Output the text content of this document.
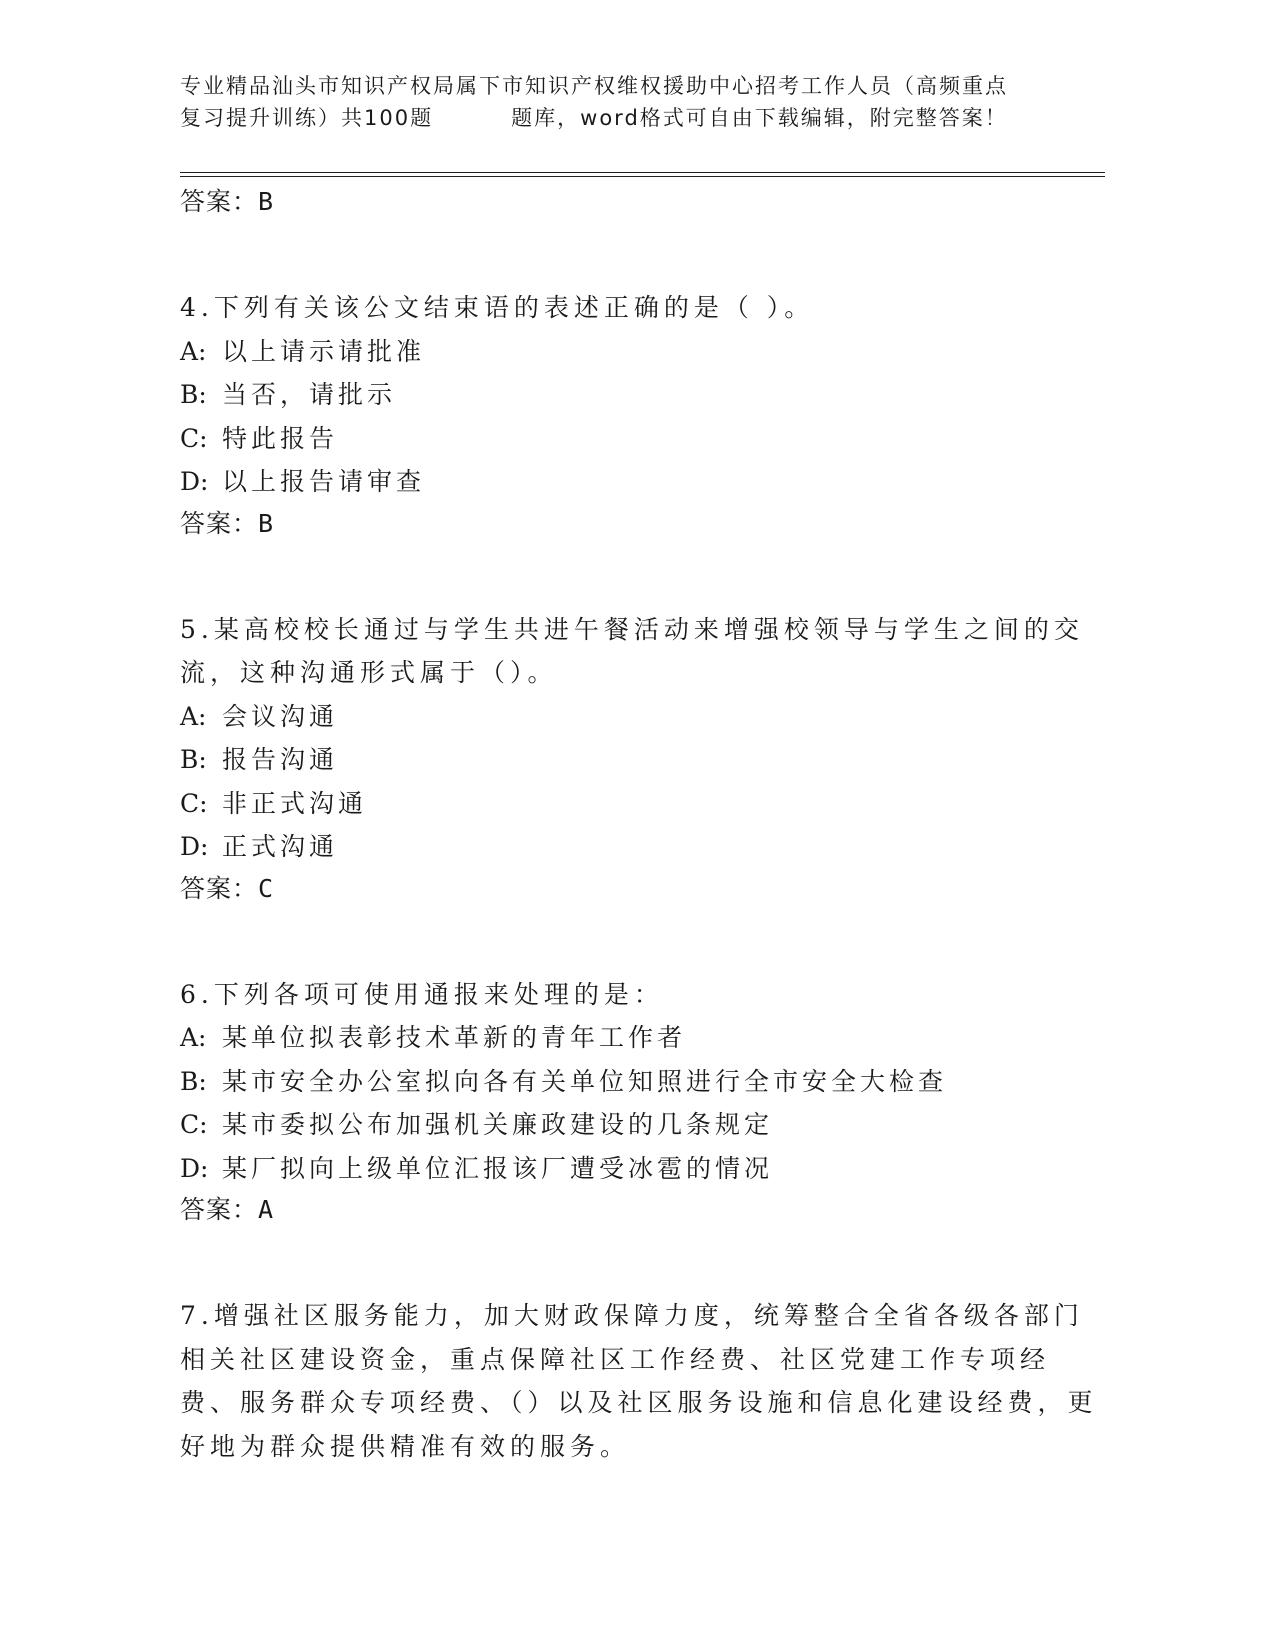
专业精品汕头市知识产权局属下市知识产权维权援助中心招考工作人员（高频重点
复习提升训练）共100题         题库，word格式可自由下载编辑，附完整答案！
答案：B
4.下列有关该公文结束语的表述正确的是（ ）。
A: 以上请示请批准
B: 当否，请批示
C: 特此报告
D: 以上报告请审查
答案：B
5.某高校校长通过与学生共进午餐活动来增强校领导与学生之间的交流，这种沟通形式属于（）。
A: 会议沟通
B: 报告沟通
C: 非正式沟通
D: 正式沟通
答案：C
6.下列各项可使用通报来处理的是：
A: 某单位拟表彰技术革新的青年工作者
B: 某市安全办公室拟向各有关单位知照进行全市安全大检查
C: 某市委拟公布加强机关廉政建设的几条规定
D: 某厂拟向上级单位汇报该厂遭受冰雹的情况
答案：A
7.增强社区服务能力，加大财政保障力度，统筹整合全省各级各部门相关社区建设资金，重点保障社区工作经费、社区党建工作专项经费、服务群众专项经费、（）以及社区服务设施和信息化建设经费，更好地为群众提供精准有效的服务。
